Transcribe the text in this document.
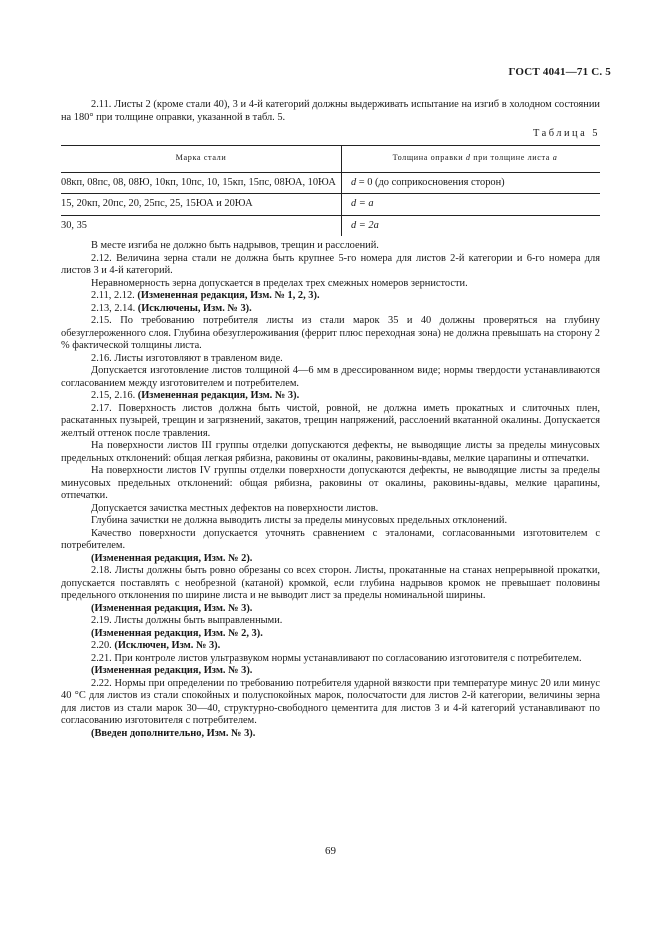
ГОСТ 4041—71 С. 5

2.11. Листы 2 (кроме стали 40), 3 и 4-й категорий должны выдерживать испытание на изгиб в холодном состоянии на 180° при толщине оправки, указанной в табл. 5.

Таблица 5
Марка стали	Толщина оправки d при толщине листа a
08кп, 08пс, 08, 08Ю, 10кп, 10пс, 10, 15кп, 15пс, 08ЮА, 10ЮА	d = 0 (до соприкосновения сторон)
15, 20кп, 20пс, 20, 25пс, 25, 15ЮА и 20ЮА	d = a
30, 35	d = 2a

В месте изгиба не должно быть надрывов, трещин и расслоений.

2.12. Величина зерна стали не должна быть крупнее 5-го номера для листов 2-й категории и 6-го номера для листов 3 и 4-й категорий.

Неравномерность зерна допускается в пределах трех смежных номеров зернистости.

2.11, 2.12. (Измененная редакция, Изм. № 1, 2, 3).

2.13, 2.14. (Исключены, Изм. № 3).

2.15. По требованию потребителя листы из стали марок 35 и 40 должны проверяться на глубину обезуглероженного слоя. Глубина обезуглероживания (феррит плюс переходная зона) не должна превышать на сторону 2 % фактической толщины листа.

2.16. Листы изготовляют в травленом виде.

Допускается изготовление листов толщиной 4—6 мм в дрессированном виде; нормы твердости устанавливаются согласованием между изготовителем и потребителем.

2.15, 2.16. (Измененная редакция, Изм. № 3).

2.17. Поверхность листов должна быть чистой, ровной, не должна иметь прокатных и слиточных плен, раскатанных пузырей, трещин и загрязнений, закатов, трещин напряжений, расслоений вкатанной окалины. Допускается желтый оттенок после травления.

На поверхности листов III группы отделки допускаются дефекты, не выводящие листы за пределы минусовых предельных отклонений: общая легкая рябизна, раковины от окалины, раковины-вдавы, мелкие царапины и отпечатки.

На поверхности листов IV группы отделки поверхности допускаются дефекты, не выводящие листы за пределы минусовых предельных отклонений: общая рябизна, раковины от окалины, раковины-вдавы, мелкие царапины, отпечатки.

Допускается зачистка местных дефектов на поверхности листов.

Глубина зачистки не должна выводить листы за пределы минусовых предельных отклонений.

Качество поверхности допускается уточнять сравнением с эталонами, согласованными изготовителем с потребителем.

(Измененная редакция, Изм. № 2).

2.18. Листы должны быть ровно обрезаны со всех сторон. Листы, прокатанные на станах непрерывной прокатки, допускается поставлять с необрезной (катаной) кромкой, если глубина надрывов кромок не превышает половины предельного отклонения по ширине листа и не выводит лист за пределы номинальной ширины.

(Измененная редакция, Изм. № 3).

2.19. Листы должны быть выправленными.

(Измененная редакция, Изм. № 2, 3).

2.20. (Исключен, Изм. № 3).

2.21. При контроле листов ультразвуком нормы устанавливают по согласованию изготовителя с потребителем.

(Измененная редакция, Изм. № 3).

2.22. Нормы при определении по требованию потребителя ударной вязкости при температуре минус 20 или минус 40 °С для листов из стали спокойных и полуспокойных марок, полосчатости для листов 2-й категории, величины зерна для листов из стали марок 30—40, структурно-свободного цементита для листов 3 и 4-й категорий устанавливают по согласованию изготовителя с потребителем.

(Введен дополнительно, Изм. № 3).

69
